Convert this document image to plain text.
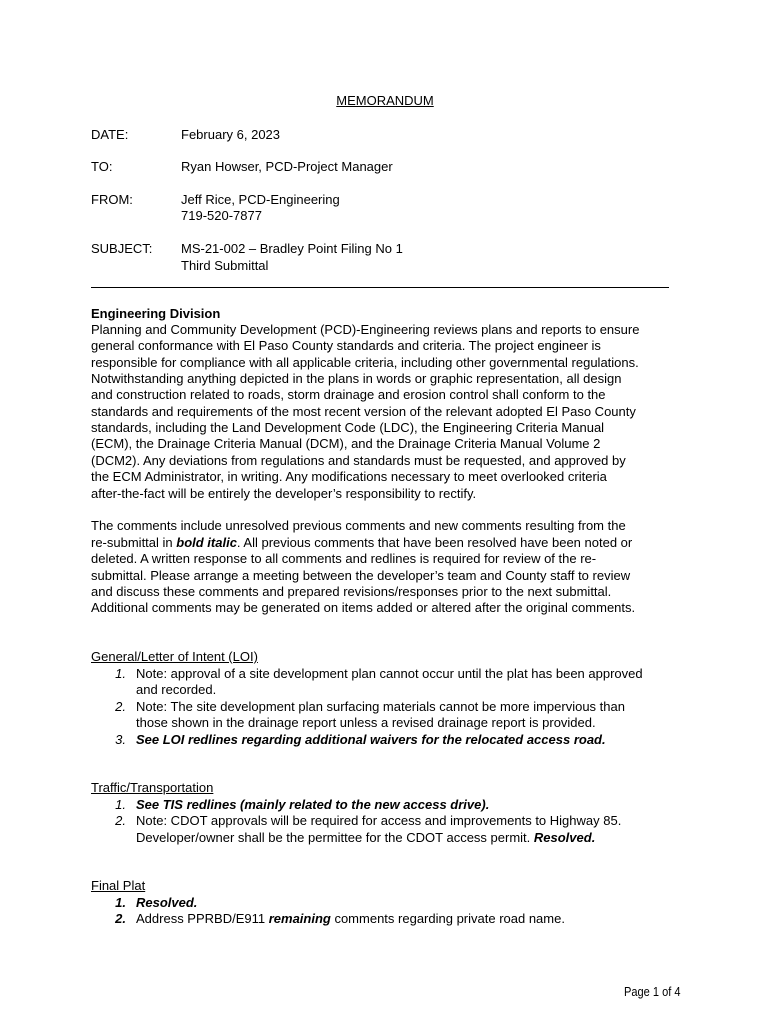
MEMORANDUM
DATE:	February 6, 2023
TO:	Ryan Howser, PCD-Project Manager
FROM:	Jeff Rice, PCD-Engineering
719-520-7877
SUBJECT: MS-21-002 – Bradley Point Filing No 1
Third Submittal
Engineering Division
Planning and Community Development (PCD)-Engineering reviews plans and reports to ensure
general conformance with El Paso County standards and criteria. The project engineer is
responsible for compliance with all applicable criteria, including other governmental regulations.
Notwithstanding anything depicted in the plans in words or graphic representation, all design
and construction related to roads, storm drainage and erosion control shall conform to the
standards and requirements of the most recent version of the relevant adopted El Paso County
standards, including the Land Development Code (LDC), the Engineering Criteria Manual
(ECM), the Drainage Criteria Manual (DCM), and the Drainage Criteria Manual Volume 2
(DCM2). Any deviations from regulations and standards must be requested, and approved by
the ECM Administrator, in writing. Any modifications necessary to meet overlooked criteria
after-the-fact will be entirely the developer’s responsibility to rectify.
The comments include unresolved previous comments and new comments resulting from the
re-submittal in bold italic. All previous comments that have been resolved have been noted or
deleted. A written response to all comments and redlines is required for review of the re-
submittal. Please arrange a meeting between the developer’s team and County staff to review
and discuss these comments and prepared revisions/responses prior to the next submittal.
Additional comments may be generated on items added or altered after the original comments.
General/Letter of Intent (LOI)
1. Note: approval of a site development plan cannot occur until the plat has been approved
and recorded.
2. Note: The site development plan surfacing materials cannot be more impervious than
those shown in the drainage report unless a revised drainage report is provided.
3. See LOI redlines regarding additional waivers for the relocated access road.
Traffic/Transportation
1. See TIS redlines (mainly related to the new access drive).
2. Note: CDOT approvals will be required for access and improvements to Highway 85.
Developer/owner shall be the permittee for the CDOT access permit. Resolved.
Final Plat
1. Resolved.
2. Address PPRBD/E911 remaining comments regarding private road name.
Page 1 of 4
